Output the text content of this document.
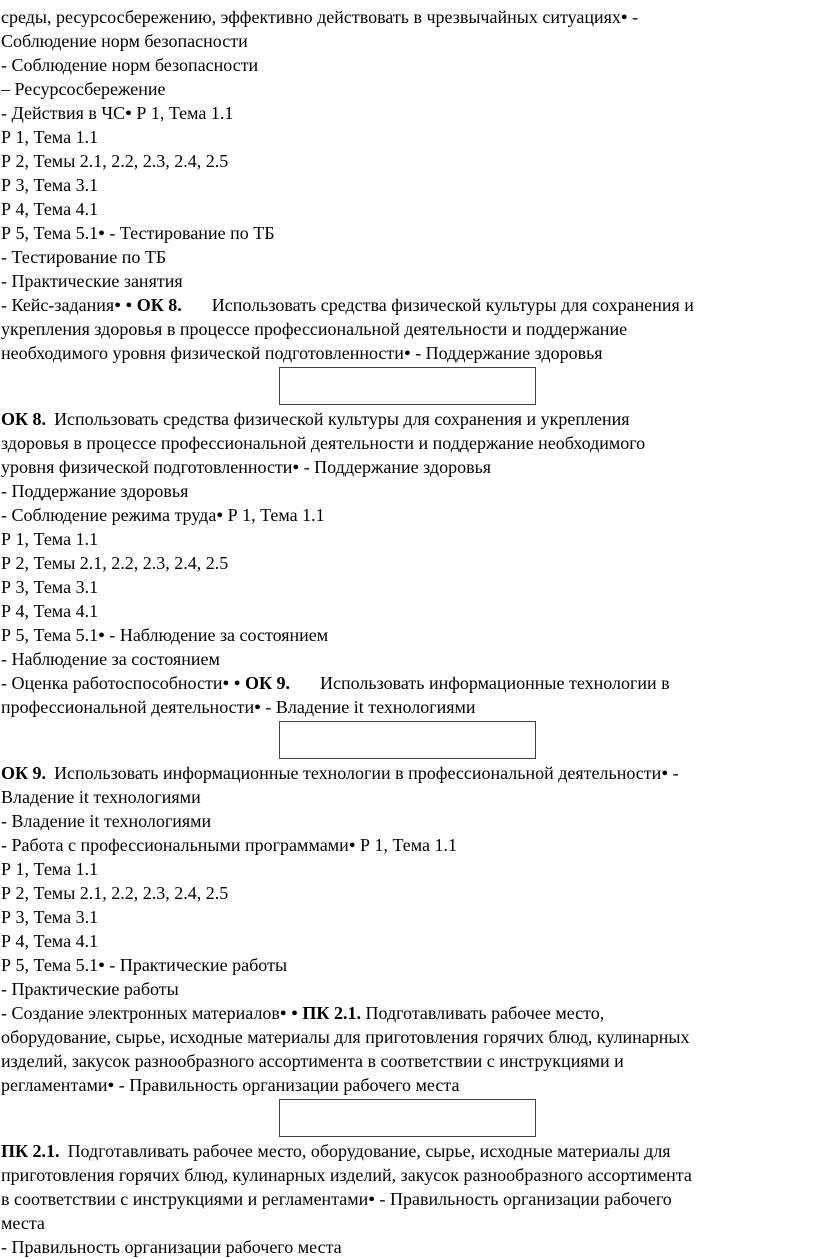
среды, ресурсосбережению, эффективно действовать в чрезвычайных ситуациях● -
Соблюдение норм безопасности
- Соблюдение норм безопасности
– Ресурсосбережение
- Действия в ЧС● Р 1, Тема 1.1
Р 1, Тема 1.1
Р 2, Темы 2.1, 2.2, 2.3, 2.4, 2.5
Р 3, Тема 3.1
Р 4, Тема 4.1
Р 5, Тема 5.1● - Тестирование по ТБ
- Тестирование по ТБ
- Практические занятия
- Кейс-задания● ● ОК 8. Использовать средства физической культуры для сохранения и
укрепления здоровья в процессе профессиональной деятельности и поддержание
необходимого уровня физической подготовленности● - Поддержание здоровья
ОК 8. Использовать средства физической культуры для сохранения и укрепления
здоровья в процессе профессиональной деятельности и поддержание необходимого
уровня физической подготовленности● - Поддержание здоровья
- Поддержание здоровья
- Соблюдение режима труда● Р 1, Тема 1.1
Р 1, Тема 1.1
Р 2, Темы 2.1, 2.2, 2.3, 2.4, 2.5
Р 3, Тема 3.1
Р 4, Тема 4.1
Р 5, Тема 5.1● - Наблюдение за состоянием
- Наблюдение за состоянием
- Оценка работоспособности● ● ОК 9. Использовать информационные технологии в
профессиональной деятельности● - Владение it технологиями
ОК 9. Использовать информационные технологии в профессиональной деятельности● -
Владение it технологиями
- Владение it технологиями
- Работа с профессиональными программами● Р 1, Тема 1.1
Р 1, Тема 1.1
Р 2, Темы 2.1, 2.2, 2.3, 2.4, 2.5
Р 3, Тема 3.1
Р 4, Тема 4.1
Р 5, Тема 5.1● - Практические работы
- Практические работы
- Создание электронных материалов● ● ПК 2.1. Подготавливать рабочее место,
оборудование, сырье, исходные материалы для приготовления горячих блюд, кулинарных
изделий, закусок разнообразного ассортимента в соответствии с инструкциями и
регламентами● - Правильность организации рабочего места
ПК 2.1. Подготавливать рабочее место, оборудование, сырье, исходные материалы для
приготовления горячих блюд, кулинарных изделий, закусок разнообразного ассортимента
в соответствии с инструкциями и регламентами● - Правильность организации рабочего
места
- Правильность организации рабочего места
